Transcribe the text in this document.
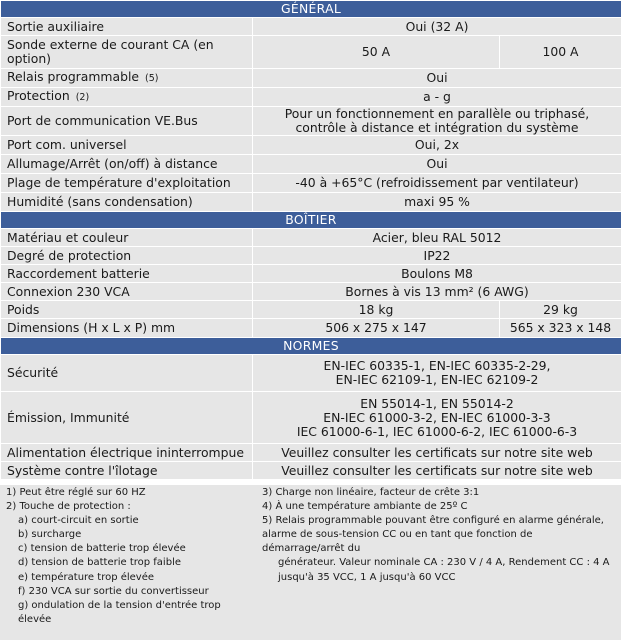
GÉNÉRAL		
Sortie auxiliaire	Oui (32 A)	
Sonde externe de courant CA (en option)	50 A	100 A
Relais programmable (5)	Oui	
Protection (2)	a - g	
Port de communication VE.Bus	Pour un fonctionnement en parallèle ou triphasé,
contrôle à distance et intégration du système	

Port com. universel	Oui, 2x	
Allumage/Arrêt (on/off) à distance	Oui	
Plage de température d'exploitation	-40 à +65°C (refroidissement par ventilateur)	
Humidité (sans condensation)	maxi 95 %	
BOÎTIER		
Matériau et couleur	Acier, bleu RAL 5012	
Degré de protection	IP22	
Raccordement batterie	Boulons M8	
Connexion 230 VCA	Bornes à vis 13 mm² (6 AWG)	
Poids	18 kg	29 kg
Dimensions (H x L x P) mm	506 x 275 x 147	565 x 323 x 148
NORMES		
Sécurité	EN-IEC 60335-1, EN-IEC 60335-2-29,
EN-IEC 62109-1, EN-IEC 62109-2	

Émission, Immunité	EN 55014-1, EN 55014-2
EN-IEC 61000-3-2, EN-IEC 61000-3-3
IEC 61000-6-1, IEC 61000-6-2, IEC 61000-6-3	

Alimentation électrique ininterrompue	Veuillez consulter les certificats sur notre site web	
Système contre l'îlotage	Veuillez consulter les certificats sur notre site web	
1) Peut être réglé sur 60 HZ
2) Touche de protection :
a) court-circuit en sortie
b) surcharge
c) tension de batterie trop élevée
d) tension de batterie trop faible
e) température trop élevée
f) 230 VCA sur sortie du convertisseur
g) ondulation de la tension d'entrée trop élevée
3) Charge non linéaire, facteur de crête 3:1
4) À une température ambiante de 25º C
5) Relais programmable pouvant être configuré en alarme générale, alarme de sous-tension CC ou en tant que fonction de démarrage/arrêt du
générateur. Valeur nominale CA : 230 V / 4 A, Rendement CC : 4 A jusqu'à 35 VCC, 1 A jusqu'à 60 VCC
